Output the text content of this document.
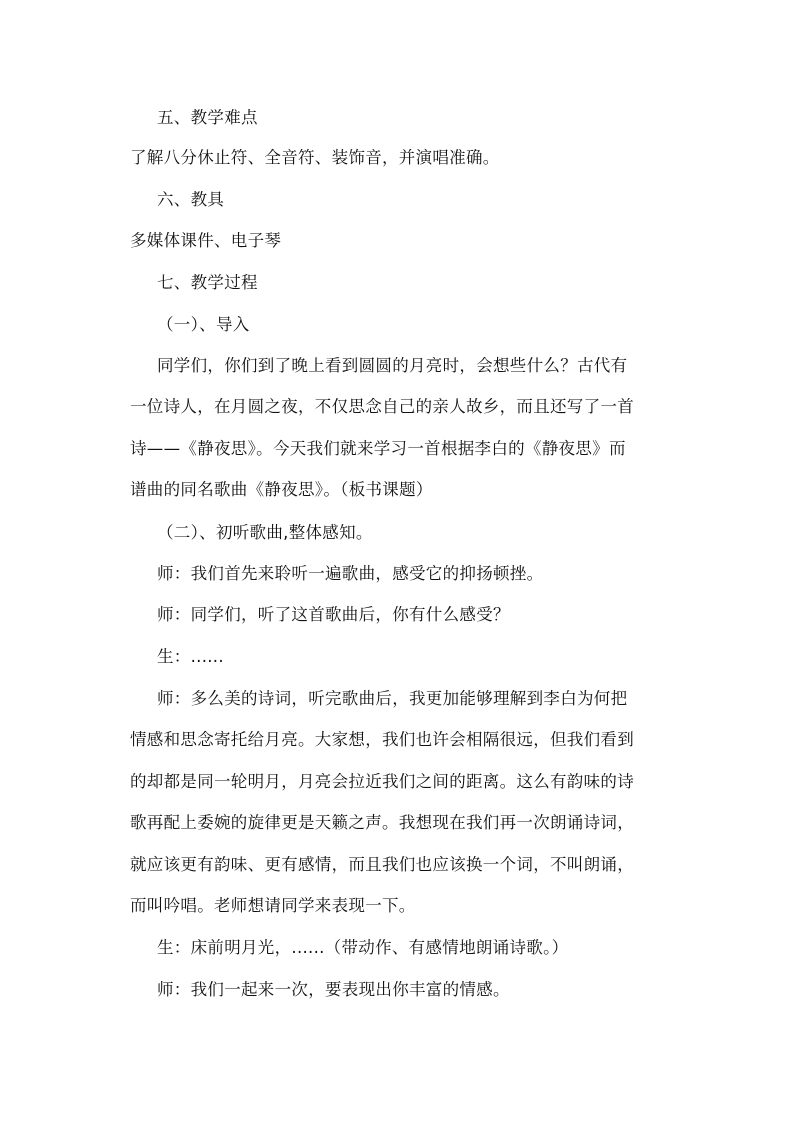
五、教学难点
了解八分休止符、全音符、装饰音，并演唱准确。
六、教具
多媒体课件、电子琴
七、教学过程
（一）、导入
同学们，你们到了晚上看到圆圆的月亮时，会想些什么？古代有
一位诗人，在月圆之夜，不仅思念自己的亲人故乡，而且还写了一首
诗——《静夜思》。今天我们就来学习一首根据李白的《静夜思》而
谱曲的同名歌曲《静夜思》。（板书课题）
（二）、初听歌曲,整体感知。
师：我们首先来聆听一遍歌曲，感受它的抑扬顿挫。
师：同学们，听了这首歌曲后，你有什么感受？
生：......
师：多么美的诗词，听完歌曲后，我更加能够理解到李白为何把
情感和思念寄托给月亮。大家想，我们也许会相隔很远，但我们看到
的却都是同一轮明月，月亮会拉近我们之间的距离。这么有韵味的诗
歌再配上委婉的旋律更是天籁之声。我想现在我们再一次朗诵诗词，
就应该更有韵味、更有感情，而且我们也应该换一个词，不叫朗诵，
而叫吟唱。老师想请同学来表现一下。
生：床前明月光，......（带动作、有感情地朗诵诗歌。）
师：我们一起来一次，要表现出你丰富的情感。
